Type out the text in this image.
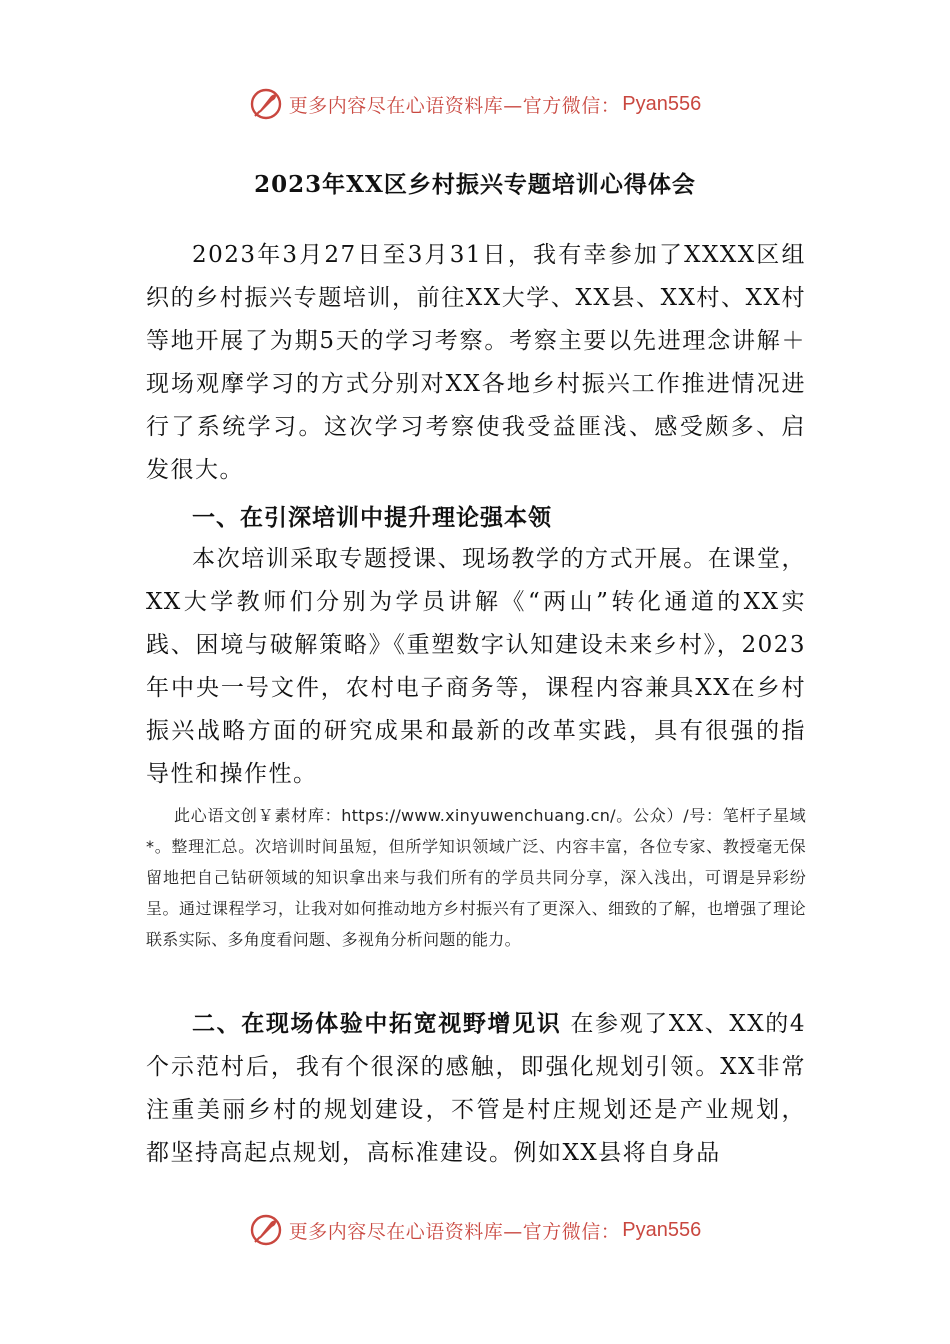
更多内容尽在心语资料库—官方微信： Pyan556
2023年XX区乡村振兴专题培训心得体会

2023年3月27日至3月31日，我有幸参加了XXXX区组织的乡村振兴专题培训，前往XX大学、XX县、XX村、XX村等地开展了为期5天的学习考察。考察主要以先进理念讲解＋现场观摩学习的方式分别对XX各地乡村振兴工作推进情况进行了系统学习。这次学习考察使我受益匪浅、感受颇多、启发很大。

一、在引深培训中提升理论强本领

本次培训采取专题授课、现场教学的方式开展。在课堂，XX大学教师们分别为学员讲解《“两山”转化通道的XX实践、困境与破解策略》《重塑数字认知建设未来乡村》，2023年中央一号文件，农村电子商务等，课程内容兼具XX在乡村振兴战略方面的研究成果和最新的改革实践，具有很强的指导性和操作性。

此心语文创￥素材库：https://www.xinyuwenchuang.cn/。公众）/号：笔杆子星域*。整理汇总。次培训时间虽短，但所学知识领域广泛、内容丰富，各位专家、教授毫无保留地把自己钻研领域的知识拿出来与我们所有的学员共同分享，深入浅出，可谓是异彩纷呈。通过课程学习，让我对如何推动地方乡村振兴有了更深入、细致的了解，也增强了理论联系实际、多角度看问题、多视角分析问题的能力。

二、在现场体验中拓宽视野增见识 在参观了XX、XX的4个示范村后，我有个很深的感触，即强化规划引领。XX非常注重美丽乡村的规划建设，不管是村庄规划还是产业规划，都坚持高起点规划，高标准建设。例如XX县将自身品

更多内容尽在心语资料库—官方微信： Pyan556
